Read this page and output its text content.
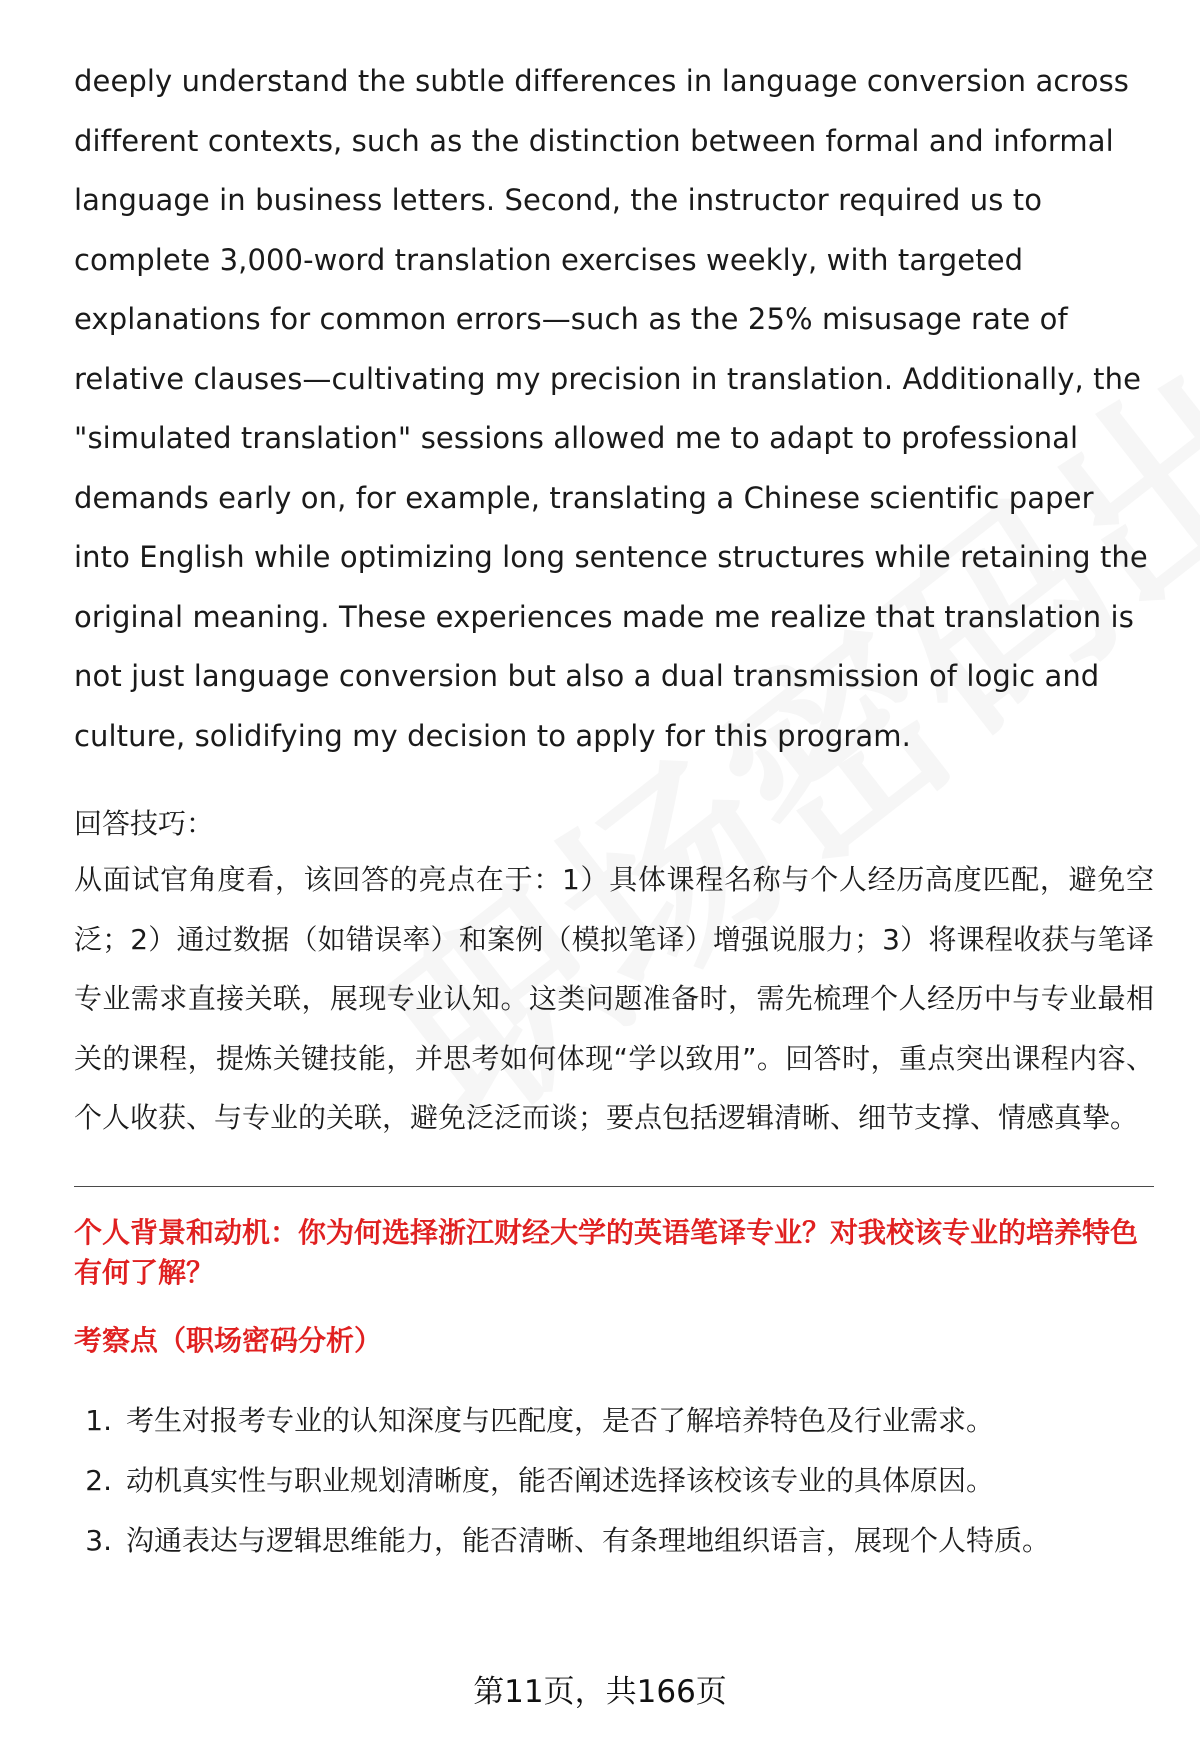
deeply understand the subtle differences in language conversion across different contexts, such as the distinction between formal and informal language in business letters. Second, the instructor required us to complete 3,000-word translation exercises weekly, with targeted explanations for common errors—such as the 25% misusage rate of relative clauses—cultivating my precision in translation. Additionally, the "simulated translation" sessions allowed me to adapt to professional demands early on, for example, translating a Chinese scientific paper into English while optimizing long sentence structures while retaining the original meaning. These experiences made me realize that translation is not just language conversion but also a dual transmission of logic and culture, solidifying my decision to apply for this program.

回答技巧：

从面试官角度看，该回答的亮点在于：1）具体课程名称与个人经历高度匹配，避免空泛；2）通过数据（如错误率）和案例（模拟笔译）增强说服力；3）将课程收获与笔译专业需求直接关联，展现专业认知。这类问题准备时，需先梳理个人经历中与专业最相关的课程，提炼关键技能，并思考如何体现“学以致用”。回答时，重点突出课程内容、个人收获、与专业的关联，避免泛泛而谈；要点包括逻辑清晰、细节支撑、情感真挚。

个人背景和动机：你为何选择浙江财经大学的英语笔译专业？对我校该专业的培养特色有何了解？
考察点（职场密码分析）
1. 考生对报考专业的认知深度与匹配度，是否了解培养特色及行业需求。
2. 动机真实性与职业规划清晰度，能否阐述选择该校该专业的具体原因。
3. 沟通表达与逻辑思维能力，能否清晰、有条理地组织语言，展现个人特质。
第11页，共166页
